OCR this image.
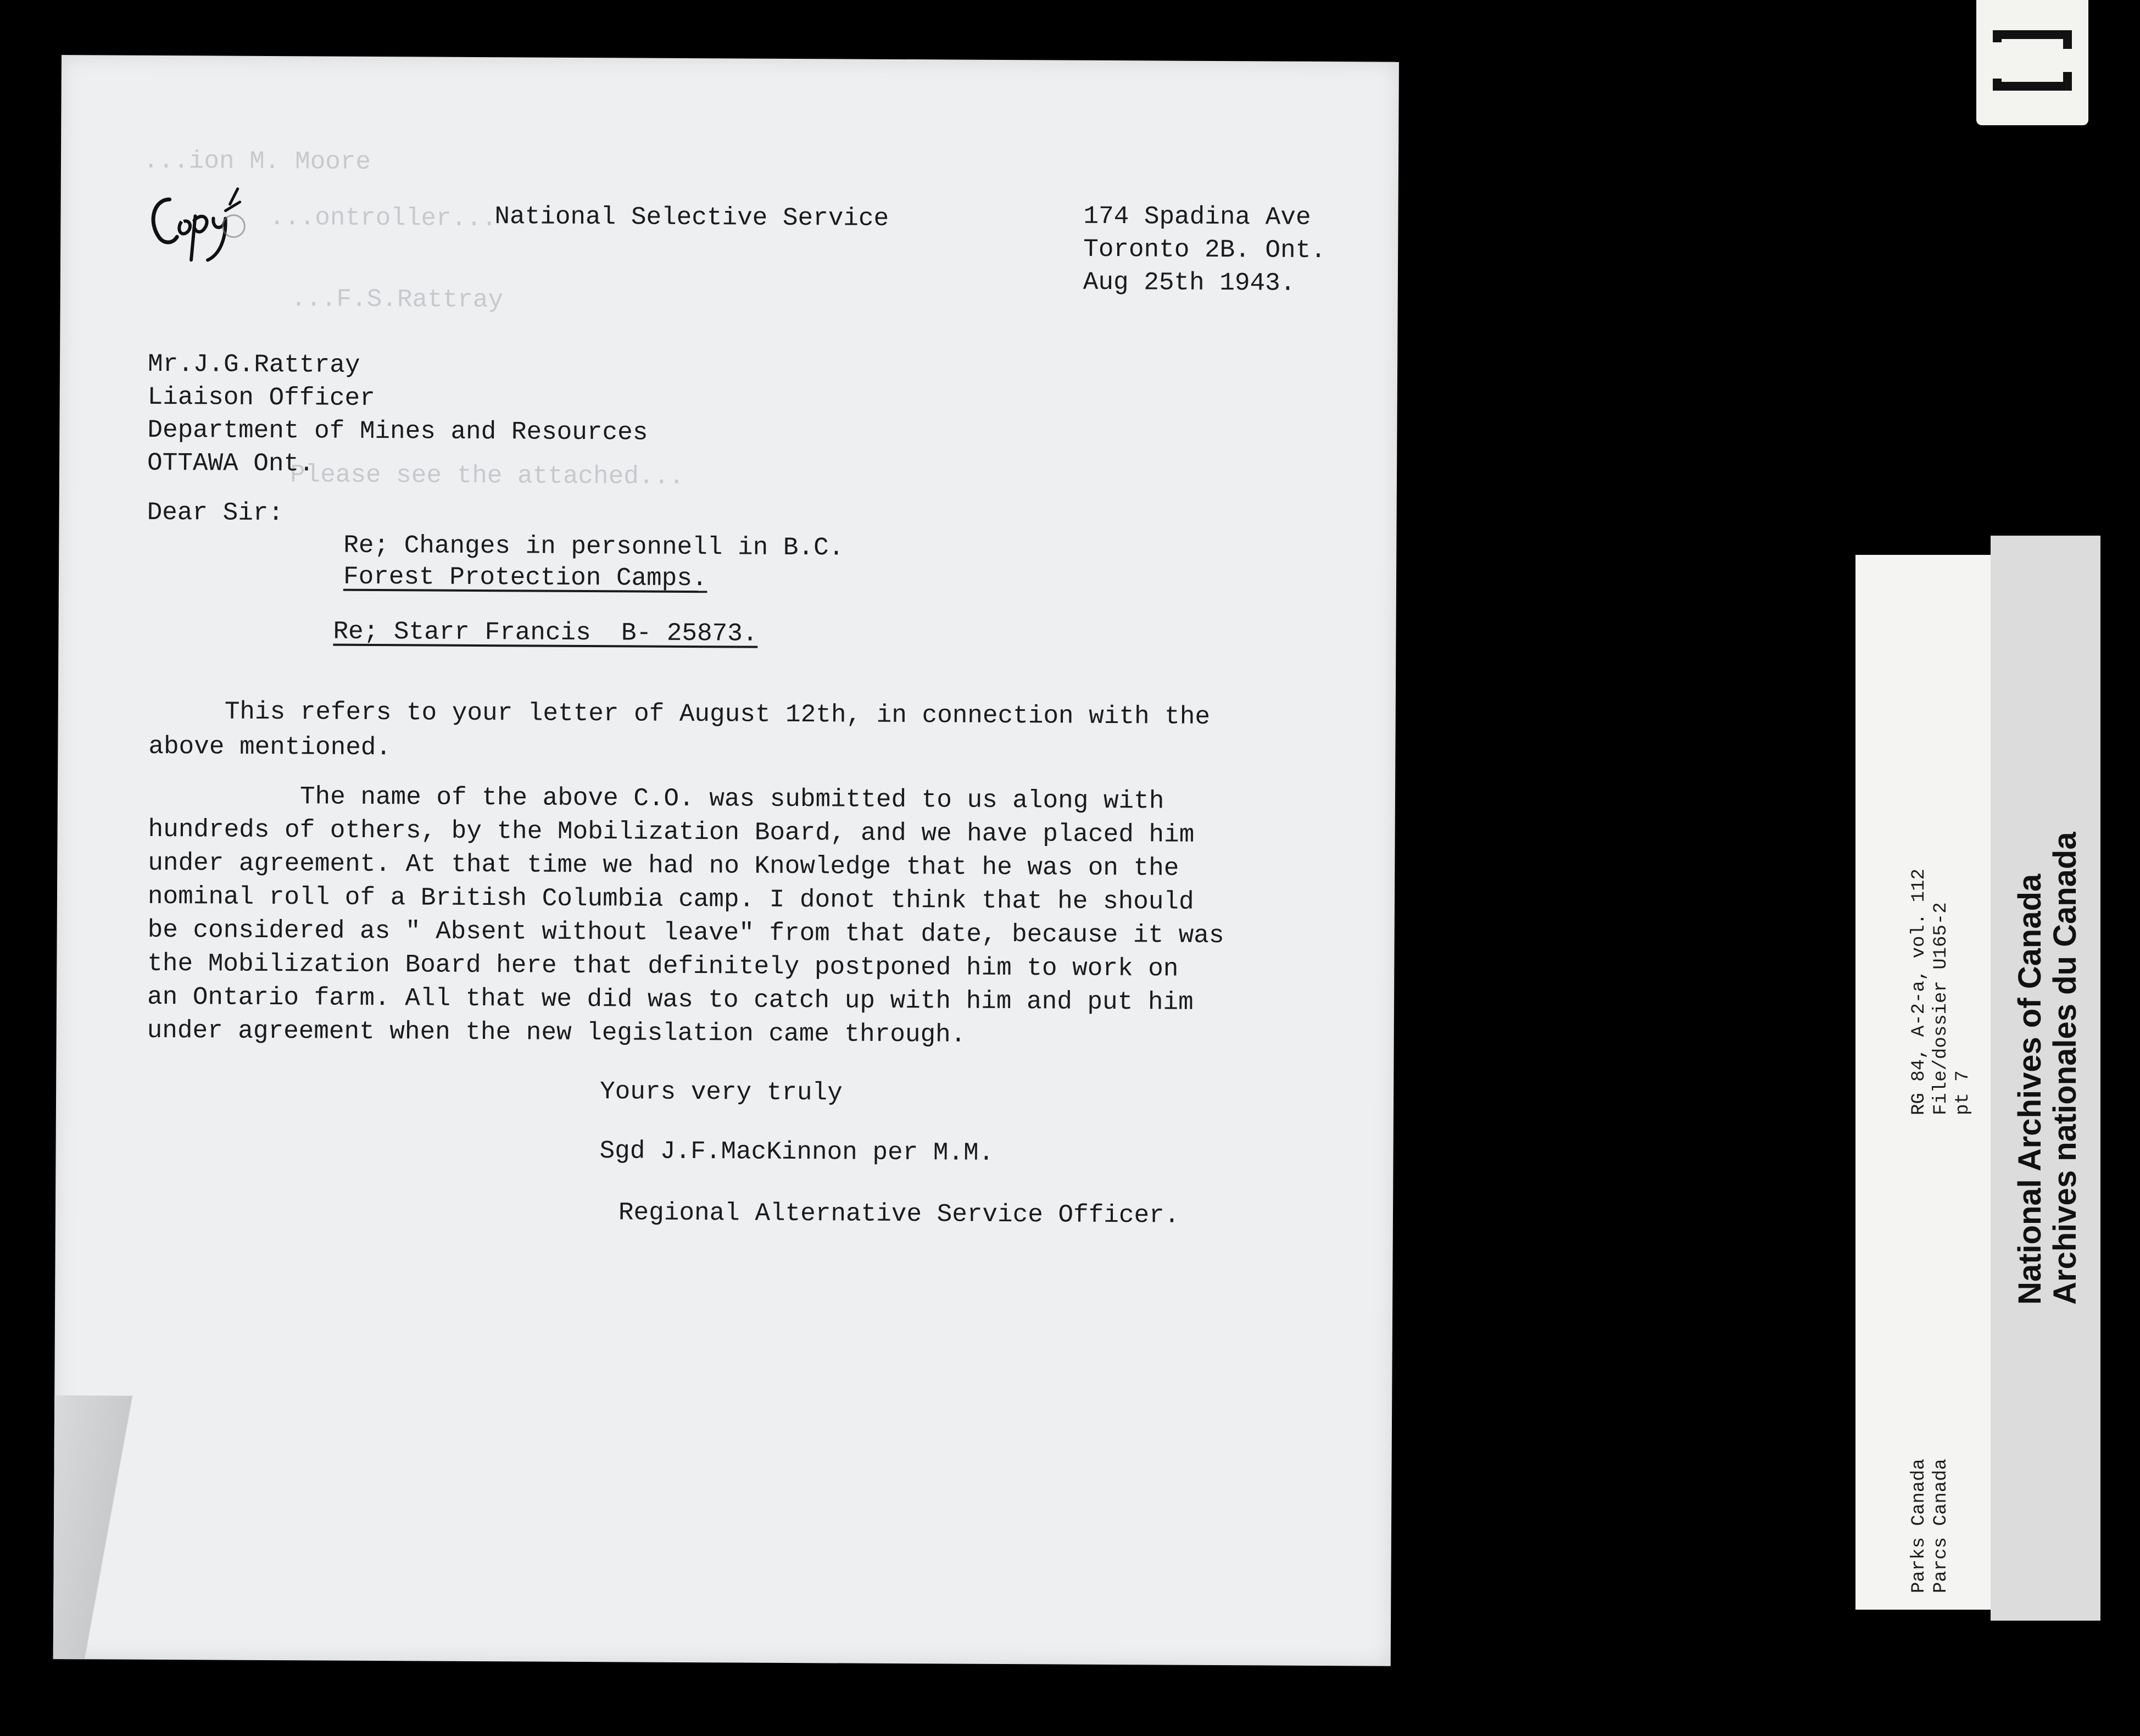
...ion M. Moore
...ontroller...
...F.S.Rattray
Please see the attached...
National Selective Service	174 Spadina Ave
Toronto 2B. Ont.
Aug 25th 1943.
Mr.J.G.Rattray
Liaison Officer
Department of Mines and Resources
OTTAWA Ont.
Dear Sir:
Re; Changes in personnell in B.C.
Forest Protection Camps.
Re; Starr Francis  B- 25873.
This refers to your letter of August 12th, in connection with the
above mentioned.
The name of the above C.O. was submitted to us along with
hundreds of others, by the Mobilization Board, and we have placed him
under agreement. At that time we had no Knowledge that he was on the
nominal roll of a British Columbia camp. I donot think that he should
be considered as " Absent without leave" from that date, because it was
the Mobilization Board here that definitely postponed him to work on
an Ontario farm. All that we did was to catch up with him and put him
under agreement when the new legislation came through.
Yours very truly
Sgd J.F.MacKinnon per M.M.
Regional Alternative Service Officer.
RG 84, A-2-a, vol. 112 File/dossier U165-2 pt 7
Parks Canada Parcs Canada
National Archives of Canada Archives nationales du Canada
